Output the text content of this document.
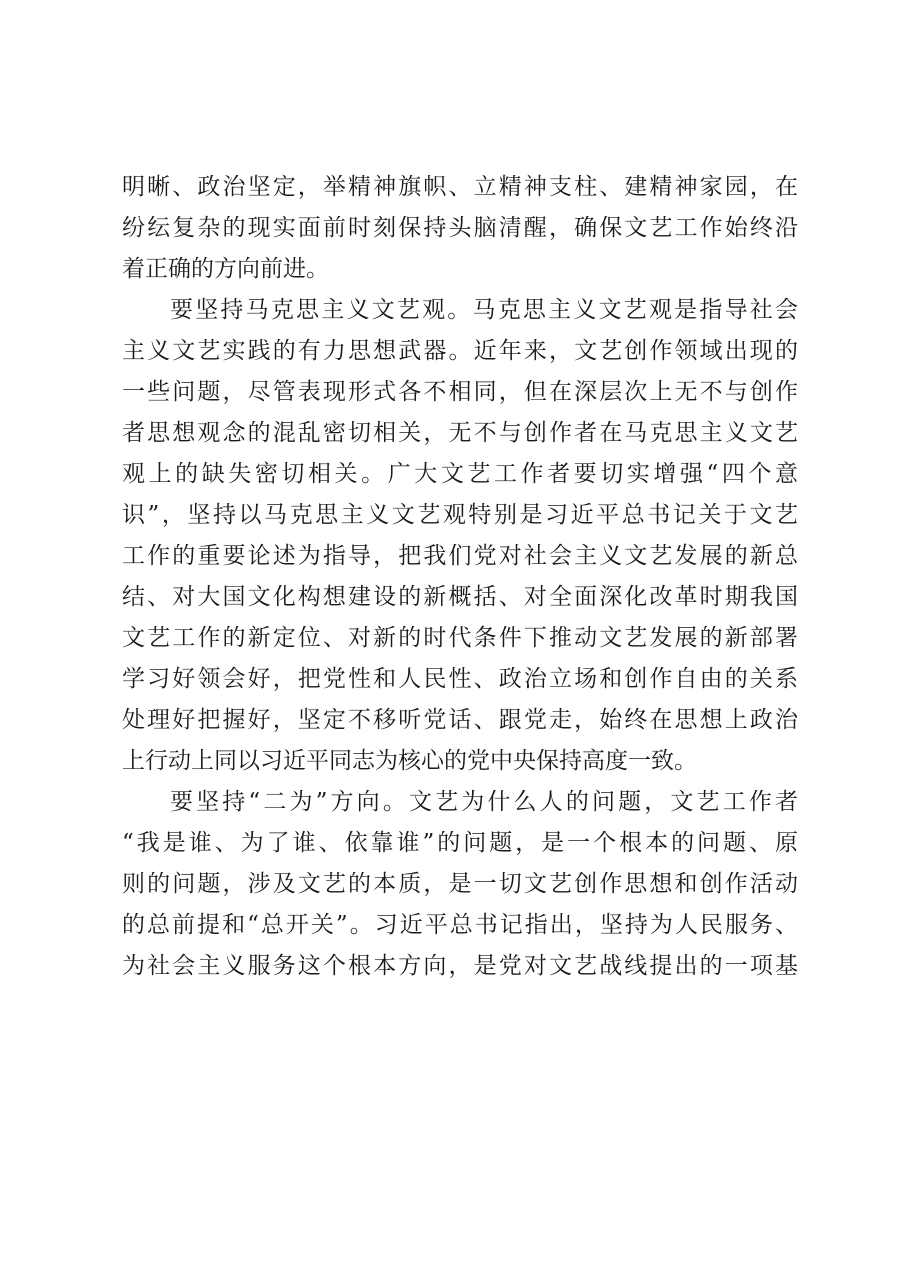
明晰、政治坚定，举精神旗帜、立精神支柱、建精神家园，在
纷纭复杂的现实面前时刻保持头脑清醒，确保文艺工作始终沿
着正确的方向前进。
要坚持马克思主义文艺观。马克思主义文艺观是指导社会
主义文艺实践的有力思想武器。近年来，文艺创作领域出现的
一些问题，尽管表现形式各不相同，但在深层次上无不与创作
者思想观念的混乱密切相关，无不与创作者在马克思主义文艺
观上的缺失密切相关。广大文艺工作者要切实增强“四个意
识”，坚持以马克思主义文艺观特别是习近平总书记关于文艺
工作的重要论述为指导，把我们党对社会主义文艺发展的新总
结、对大国文化构想建设的新概括、对全面深化改革时期我国
文艺工作的新定位、对新的时代条件下推动文艺发展的新部署
学习好领会好，把党性和人民性、政治立场和创作自由的关系
处理好把握好，坚定不移听党话、跟党走，始终在思想上政治
上行动上同以习近平同志为核心的党中央保持高度一致。
要坚持“二为”方向。文艺为什么人的问题，文艺工作者
“我是谁、为了谁、依靠谁”的问题，是一个根本的问题、原
则的问题，涉及文艺的本质，是一切文艺创作思想和创作活动
的总前提和“总开关”。习近平总书记指出，坚持为人民服务、
为社会主义服务这个根本方向，是党对文艺战线提出的一项基
